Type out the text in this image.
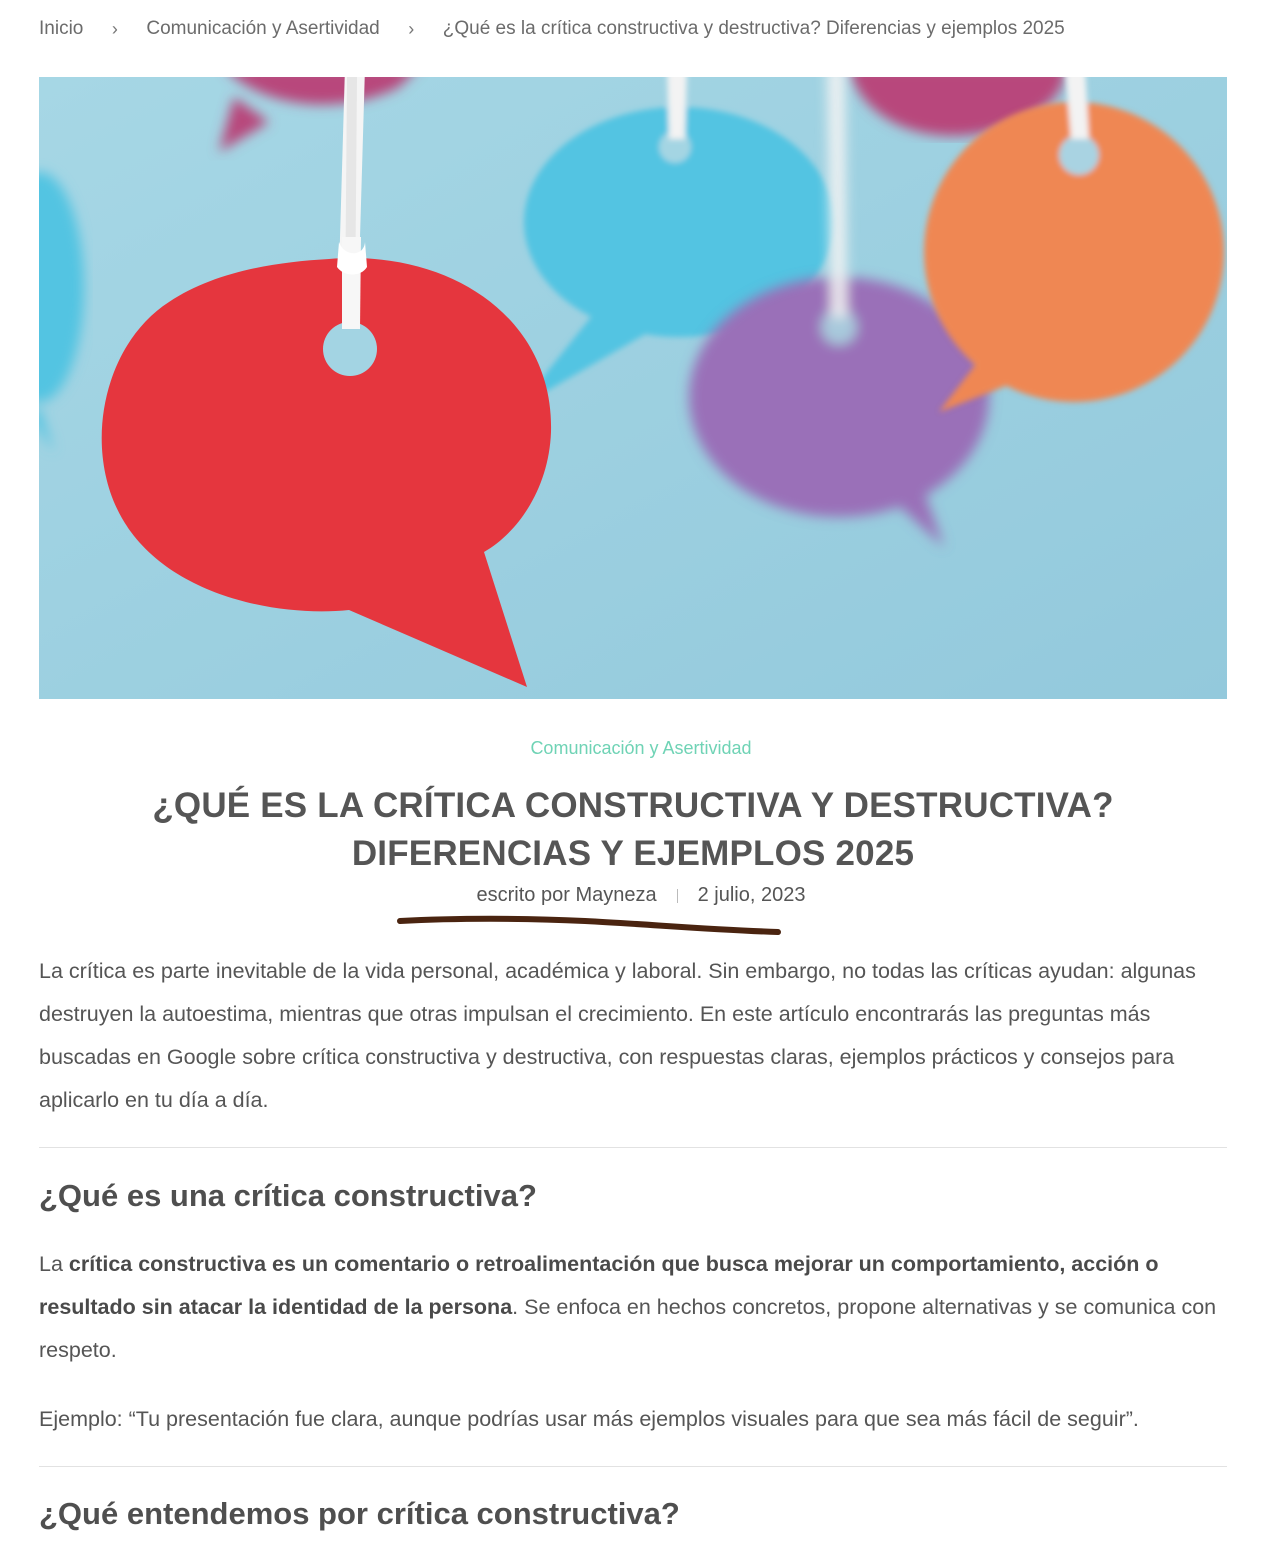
Inicio	›	Comunicación y Asertividad	›	¿Qué es la crítica constructiva y destructiva? Diferencias y ejemplos 2025
Comunicación y Asertividad
¿QUÉ ES LA CRÍTICA CONSTRUCTIVA Y DESTRUCTIVA? DIFERENCIAS Y EJEMPLOS 2025
escrito por Mayneza 2 julio, 2023

La crítica es parte inevitable de la vida personal, académica y laboral. Sin embargo, no todas las críticas ayudan: algunas destruyen la autoestima, mientras que otras impulsan el crecimiento. En este artículo encontrarás las preguntas más buscadas en Google sobre crítica constructiva y destructiva, con respuestas claras, ejemplos prácticos y consejos para aplicarlo en tu día a día.

¿Qué es una crítica constructiva?

La crítica constructiva es un comentario o retroalimentación que busca mejorar un comportamiento, acción o resultado sin atacar la identidad de la persona. Se enfoca en hechos concretos, propone alternativas y se comunica con respeto.

Ejemplo: “Tu presentación fue clara, aunque podrías usar más ejemplos visuales para que sea más fácil de seguir”.

¿Qué entendemos por crítica constructiva?
